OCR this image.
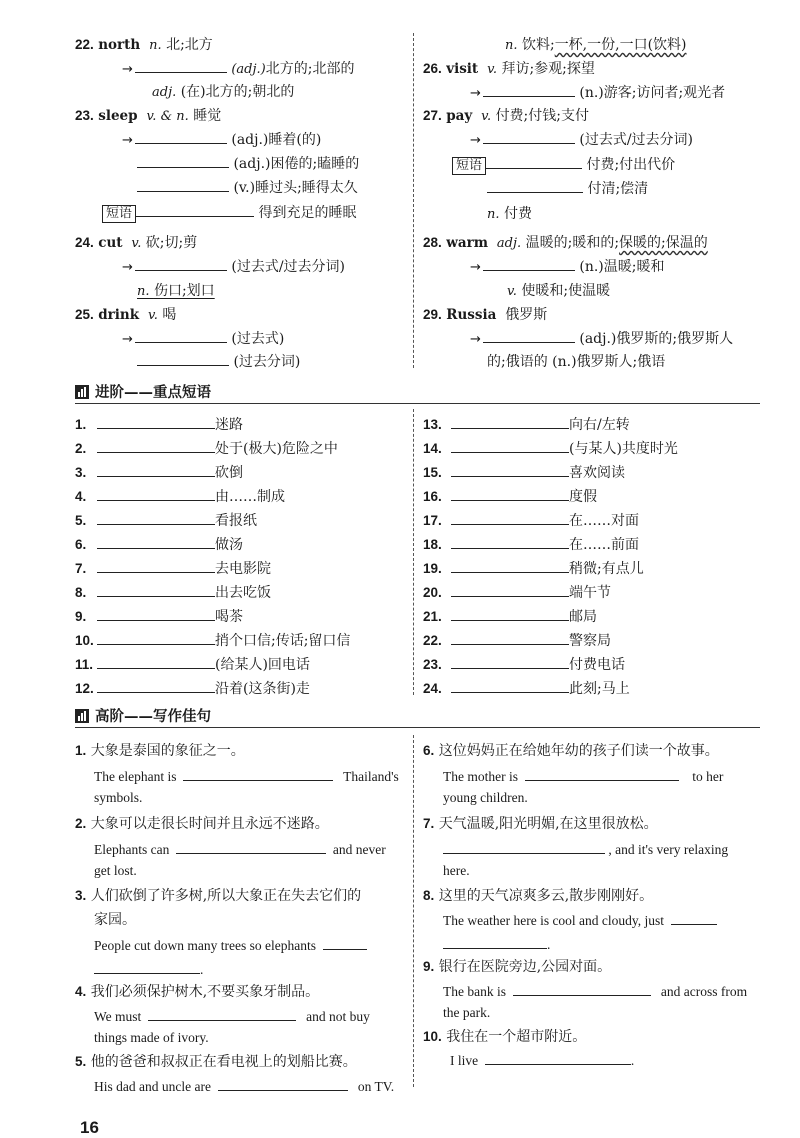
22. north n. 北;北方
→	(adj.)北方的;北部的
adj. (在)北方的;朝北的
23. sleep v. & n. 睡觉
→	(adj.)睡着(的)
(adj.)困倦的;瞌睡的
(v.)睡过头;睡得太久
短语	得到充足的睡眠
24. cut v. 砍;切;剪
→	(过去式/过去分词)
n. 伤口;划口
25. drink v. 喝
→	(过去式)
(过去分词)
n. 饮料;一杯,一份,一口(饮料)
26. visit v. 拜访;参观;探望
→	(n.)游客;访问者;观光者
27. pay v. 付费;付钱;支付
→	(过去式/过去分词)
短语	付费;付出代价
付清;偿清
n. 付费
28. warm adj. 温暖的;暖和的;保暖的;保温的
→	(n.)温暖;暖和
v. 使暖和;使温暖
29. Russia 俄罗斯
→	(adj.)俄罗斯的;俄罗斯人
的;俄语的 (n.)俄罗斯人;俄语
进阶——重点短语
1.	迷路
2.	处于(极大)危险之中
3.	砍倒
4.	由……制成
5.	看报纸
6.	做汤
7.	去电影院
8.	出去吃饭
9.	喝茶
10.	捎个口信;传话;留口信
11.	(给某人)回电话
12.	沿着(这条街)走
13.	向右/左转
14.	(与某人)共度时光
15.	喜欢阅读
16.	度假
17.	在……对面
18.	在……前面
19.	稍微;有点儿
20.	端午节
21.	邮局
22.	警察局
23.	付费电话
24.	此刻;马上
高阶——写作佳句
1. 大象是泰国的象征之一。
The elephant is	Thailand's
symbols.
2. 大象可以走很长时间并且永远不迷路。
Elephants can	and never
get lost.
3. 人们砍倒了许多树,所以大象正在失去它们的
家园。
People cut down many trees so elephants
.
4. 我们必须保护树木,不要买象牙制品。
We must	and not buy
things made of ivory.
5. 他的爸爸和叔叔正在看电视上的划船比赛。
His dad and uncle are	on TV.
6. 这位妈妈正在给她年幼的孩子们读一个故事。
The mother is	to her
young children.
7. 天气温暖,阳光明媚,在这里很放松。
, and it's very relaxing
here.
8. 这里的天气凉爽多云,散步刚刚好。
The weather here is cool and cloudy, just
.
9. 银行在医院旁边,公园对面。
The bank is	and across from
the park.
10. 我住在一个超市附近。
I live	.
16
